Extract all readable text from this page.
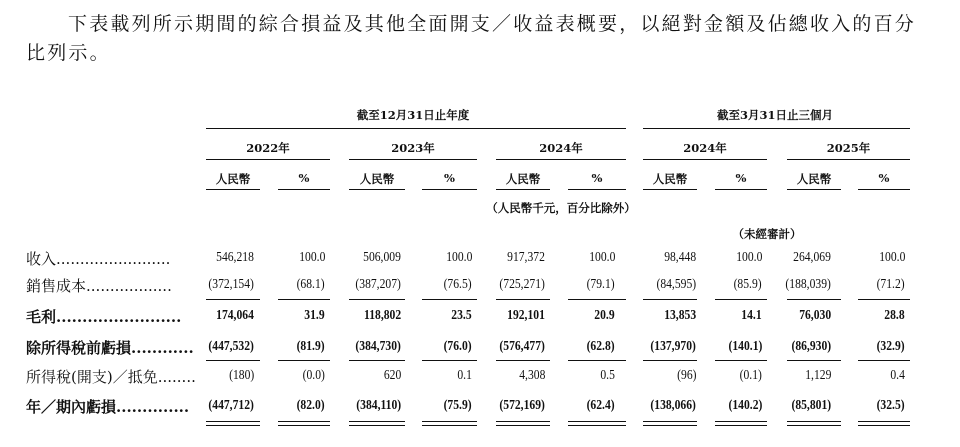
下表載列所示期間的綜合損益及其他全面開支／收益表概要，以絕對金額及佔總收入的百分比列示。
截至12月31日止年度	截至3月31日止三個月
2022年	2023年	2024年	2024年	2025年
人民幣	%	人民幣	%	人民幣	%	人民幣	%	人民幣	%
（人民幣千元，百分比除外）
（未經審計）
收入........................	546,218	100.0	506,009	100.0	917,372	100.0	98,448	100.0 264,069	100.0
銷售成本..................	(372,154)	(68.1) (387,207)	(76.5) (725,271)	(79.1)	(84,595)	(85.9) (188,039)	(71.2)
毛利........................	174,064	31.9	118,802	23.5	192,101	20.9	13,853	14.1	76,030	28.8
除所得稅前虧損............ (447,532)	(81.9) (384,730)	(76.0) (576,477)	(62.8)	(137,970) (140.1) (86,930)	(32.9)
所得稅(開支)／抵免........ (180)	(0.0)	620	0.1	4,308	0.5	(96)	(0.1)	1,129	0.4
年／期內虧損..............	(447,712)	(82.0) (384,110)	(75.9) (572,169)	(62.4)	(138,066) (140.2) (85,801)	(32.5)
